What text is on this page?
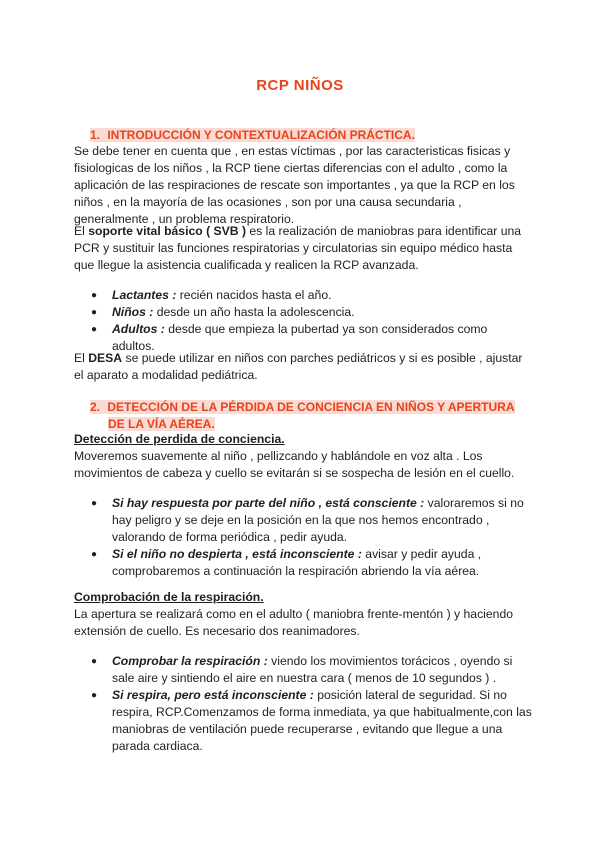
RCP NIÑOS
1. INTRODUCCIÓN Y CONTEXTUALIZACIÓN PRÁCTICA.

Se debe tener en cuenta que , en estas víctimas , por las caracteristicas fisicas y fisiologicas de los niños , la RCP tiene ciertas diferencias con el adulto , como la aplicación de las respiraciones de rescate son importantes , ya que la RCP en los niños , en la mayoría de las ocasiones , son por una causa secundaria , generalmente , un problema respiratorio.

El soporte vital básico ( SVB ) es la realización de maniobras para identificar una PCR y sustituir las funciones respiratorias y circulatorias sin equipo médico hasta que llegue la asistencia cualificada y realicen la RCP avanzada.

● Lactantes : recién nacidos hasta el año.
● Niños : desde un año hasta la adolescencia.
● Adultos : desde que empieza la pubertad ya son considerados como adultos.

El DESA se puede utilizar en niños con parches pediátricos y si es posible , ajustar el aparato a modalidad pediátrica.

2. DETECCIÓN DE LA PÉRDIDA DE CONCIENCIA EN NIÑOS Y APERTURA
DE LA VÍA AÉREA.

Detección de perdida de conciencia.

Moveremos suavemente al niño , pellizcando y hablándole en voz alta . Los movimientos de cabeza y cuello se evitarán si se sospecha de lesión en el cuello.

● Si hay respuesta por parte del niño , está consciente : valoraremos si no hay peligro y se deje en la posición en la que nos hemos encontrado , valorando de forma periódica , pedir ayuda.
● Si el niño no despierta , está inconsciente : avisar y pedir ayuda , comprobaremos a continuación la respiración abriendo la vía aérea.

Comprobación de la respiración.

La apertura se realizará como en el adulto ( maniobra frente-mentón ) y haciendo extensión de cuello. Es necesario dos reanimadores.

● Comprobar la respiración : viendo los movimientos torácicos , oyendo si sale aire y sintiendo el aire en nuestra cara ( menos de 10 segundos ) .
● Si respira, pero está inconsciente : posición lateral de seguridad. Si no respira, RCP.Comenzamos de forma inmediata, ya que habitualmente,con las maniobras de ventilación puede recuperarse , evitando que llegue a una parada cardiaca.
